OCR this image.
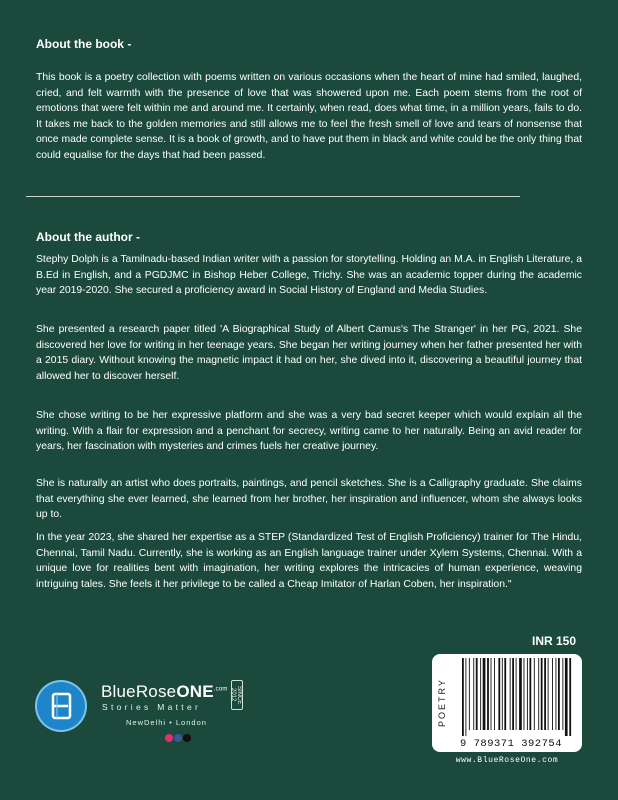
About the book -

This book is a poetry collection with poems written on various occasions when the heart of mine had smiled, laughed, cried, and felt warmth with the presence of love that was showered upon me. Each poem stems from the root of emotions that were felt within me and around me. It certainly, when read, does what time, in a million years, fails to do. It takes me back to the golden memories and still allows me to feel the fresh smell of love and tears of nonsense that once made complete sense. It is a book of growth, and to have put them in black and white could be the only thing that could equalise for the days that had been passed.

About the author -

Stephy Dolph is a Tamilnadu-based Indian writer with a passion for storytelling. Holding an M.A. in English Literature, a B.Ed in English, and a PGDJMC in Bishop Heber College, Trichy. She was an academic topper during the academic year 2019-2020. She secured a proficiency award in Social History of England and Media Studies.

She presented a research paper titled 'A Biographical Study of Albert Camus's The Stranger' in her PG, 2021. She discovered her love for writing in her teenage years. She began her writing journey when her father presented her with a 2015 diary. Without knowing the magnetic impact it had on her, she dived into it, discovering a beautiful journey that allowed her to discover herself.

She chose writing to be her expressive platform and she was a very bad secret keeper which would explain all the writing. With a flair for expression and a penchant for secrecy, writing came to her naturally. Being an avid reader for years, her fascination with mysteries and crimes fuels her creative journey.

She is naturally an artist who does portraits, paintings, and pencil sketches. She is a Calligraphy graduate. She claims that everything she ever learned, she learned from her brother, her inspiration and influencer, whom she always looks up to.

In the year 2023, she shared her expertise as a STEP (Standardized Test of English Proficiency) trainer for The Hindu, Chennai, Tamil Nadu. Currently, she is working as an English language trainer under Xylem Systems, Chennai. With a unique love for realities bent with imagination, her writing explores the intricacies of human experience, weaving intriguing tales. She feels it her privilege to be called a Cheap Imitator of Harlan Coben, her inspiration."

BlueRoseONE$^{.com}$
Stories Matter
SINCE 2012
NewDelhi • London
INR 150
POETRY
9 789371 392754
www.BlueRoseOne.com
